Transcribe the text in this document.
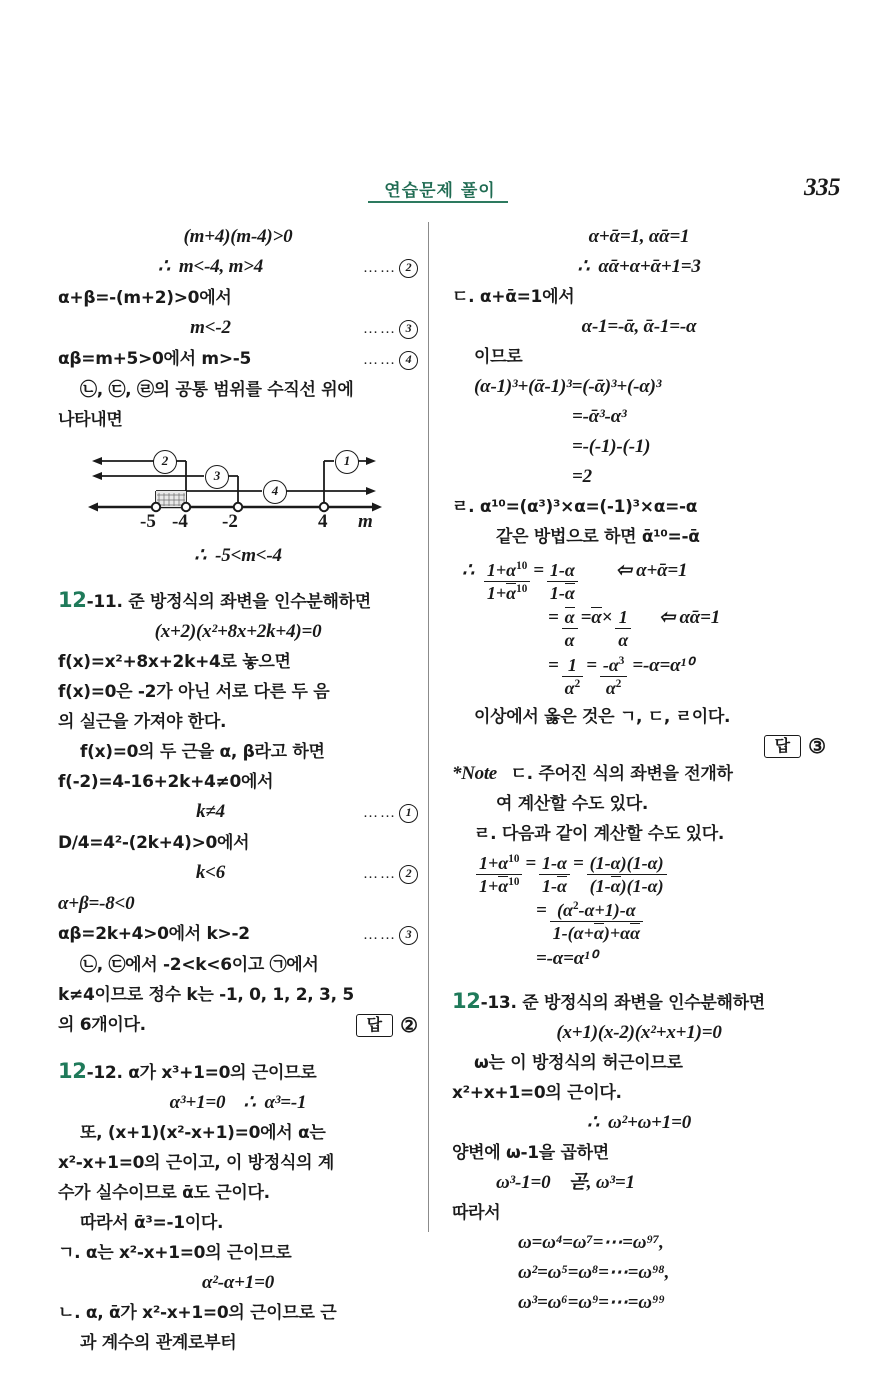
연습문제 풀이	335
(m+4)(m-4)>0
∴  m<-4, m>4	…… 2
α+β=-(m+2)>0에서
m<-2	…… 3
αβ=m+5>0에서 m>-5	…… 4
㉡, ㉢, ㉣의 공통 범위를 수직선 위에
나타내면
2
3
4
1
-5 -4 -2	4 m
∴  -5<m<-4
12-11. 준 방정식의 좌변을 인수분해하면
(x+2)(x²+8x+2k+4)=0
f(x)=x²+8x+2k+4로 놓으면
f(x)=0은 -2가 아닌 서로 다른 두 음
의 실근을 가져야 한다.
f(x)=0의 두 근을 α, β라고 하면
f(-2)=4-16+2k+4≠0에서
k≠4	…… 1
D/4=4²-(2k+4)>0에서
k<6	…… 2
α+β=-8<0
αβ=2k+4>0에서 k>-2	…… 3
㉡, ㉢에서 -2<k<6이고 ㉠에서
k≠4이므로 정수 k는 -1, 0, 1, 2, 3, 5
의 6개이다.	답 ②
12-12. α가 x³+1=0의 근이므로
α³+1=0    ∴  α³=-1
또, (x+1)(x²-x+1)=0에서 α는
x²-x+1=0의 근이고, 이 방정식의 계
수가 실수이므로 ᾱ도 근이다.
따라서 ᾱ³=-1이다.
ㄱ. α는 x²-x+1=0의 근이므로
α²-α+1=0
ㄴ. α, ᾱ가 x²-x+1=0의 근이므로 근
과 계수의 관계로부터
α+ᾱ=1, αᾱ=1
∴  αᾱ+α+ᾱ+1=3
ㄷ. α+ᾱ=1에서
α-1=-ᾱ, ᾱ-1=-α
이므로
(α-1)³+(ᾱ-1)³=(-ᾱ)³+(-α)³
=-ᾱ³-α³
=-(-1)-(-1)
=2
ㄹ. α¹⁰=(α³)³×α=(-1)³×α=-α
같은 방법으로 하면 ᾱ¹⁰=-ᾱ
∴ $\frac{1+\alpha^{10}}{1+\alpha^{10}} = \frac{1-\alpha}{1-\alpha}$ ⇦ α+ᾱ=1
= $\frac{\alpha}{\alpha} =\alpha\times \frac{1}{\alpha}$ ⇦ αᾱ=1
= $\frac{1}{\alpha^2} = \frac{-\alpha^3}{\alpha^2} =-\alpha=\alpha^{10}$
이상에서 옳은 것은 ㄱ, ㄷ, ㄹ이다.
답 ③
*Note ㄷ. 주어진 식의 좌변을 전개하
여 계산할 수도 있다.
ㄹ. 다음과 같이 계산할 수도 있다.
$\frac{1+\alpha^{10}}{1+\alpha^{10}} = \frac{1-\alpha}{1-\alpha} = \frac{(1-\alpha)(1-\alpha)}{(1-\alpha)(1-\alpha)}$
= $\frac{(\alpha^2-\alpha+1)-\alpha}{1-(\alpha+\alpha)+\alpha\alpha}$
=-α=α¹⁰
12-13. 준 방정식의 좌변을 인수분해하면
(x+1)(x-2)(x²+x+1)=0
ω는 이 방정식의 허근이므로
x²+x+1=0의 근이다.
∴  ω²+ω+1=0
양변에 ω-1을 곱하면
ω³-1=0    곧, ω³=1
따라서
ω=ω⁴=ω⁷=⋯=ω⁹⁷,
ω²=ω⁵=ω⁸=⋯=ω⁹⁸,
ω³=ω⁶=ω⁹=⋯=ω⁹⁹
